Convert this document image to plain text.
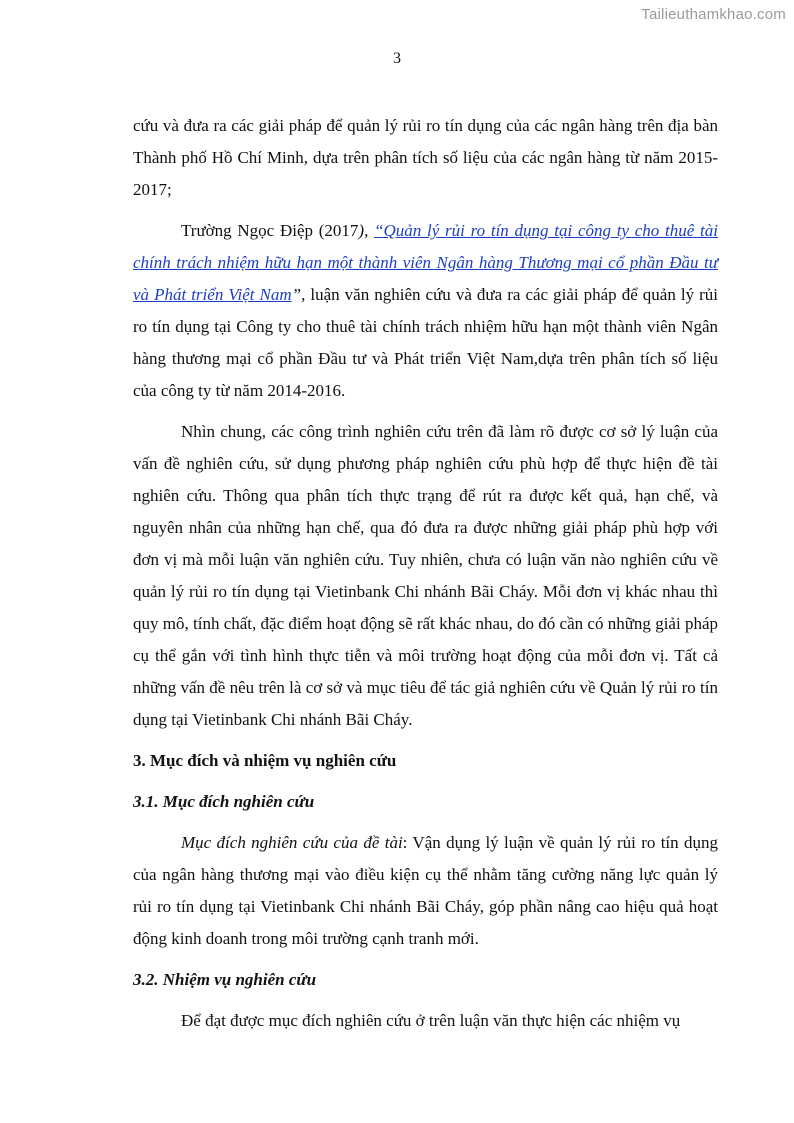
Tailieuthamkhao.com
3

cứu và đưa ra các giải pháp để quản lý rủi ro tín dụng của các ngân hàng trên địa bàn Thành phố Hồ Chí Minh, dựa trên phân tích số liệu của các ngân hàng từ năm 2015-2017;

Trường Ngọc Điệp (2017), “Quản lý rủi ro tín dụng tại công ty cho thuê tài chính trách nhiệm hữu hạn một thành viên Ngân hàng Thương mại cổ phần Đầu tư và Phát triển Việt Nam”, luận văn nghiên cứu và đưa ra các giải pháp để quản lý rủi ro tín dụng tại Công ty cho thuê tài chính trách nhiệm hữu hạn một thành viên Ngân hàng thương mại cổ phần Đầu tư và Phát triển Việt Nam,dựa trên phân tích số liệu của công ty từ năm 2014-2016.

Nhìn chung, các công trình nghiên cứu trên đã làm rõ được cơ sở lý luận của vấn đề nghiên cứu, sử dụng phương pháp nghiên cứu phù hợp để thực hiện đề tài nghiên cứu. Thông qua phân tích thực trạng để rút ra được kết quả, hạn chế, và nguyên nhân của những hạn chế, qua đó đưa ra được những giải pháp phù hợp với đơn vị mà mỗi luận văn nghiên cứu. Tuy nhiên, chưa có luận văn nào nghiên cứu về quản lý rủi ro tín dụng tại Vietinbank Chi nhánh Bãi Cháy. Mỗi đơn vị khác nhau thì quy mô, tính chất, đặc điểm hoạt động sẽ rất khác nhau, do đó cần có những giải pháp cụ thể gắn với tình hình thực tiễn và môi trường hoạt động của mỗi đơn vị. Tất cả những vấn đề nêu trên là cơ sở và mục tiêu để tác giả nghiên cứu về Quản lý rủi ro tín dụng tại Vietinbank Chi nhánh Bãi Cháy.

3. Mục đích và nhiệm vụ nghiên cứu
3.1. Mục đích nghiên cứu

Mục đích nghiên cứu của đề tài: Vận dụng lý luận về quản lý rủi ro tín dụng của ngân hàng thương mại vào điều kiện cụ thể nhằm tăng cường năng lực quản lý rủi ro tín dụng tại Vietinbank Chi nhánh Bãi Cháy, góp phần nâng cao hiệu quả hoạt động kinh doanh trong môi trường cạnh tranh mới.

3.2. Nhiệm vụ nghiên cứu

Để đạt được mục đích nghiên cứu ở trên luận văn thực hiện các nhiệm vụ
